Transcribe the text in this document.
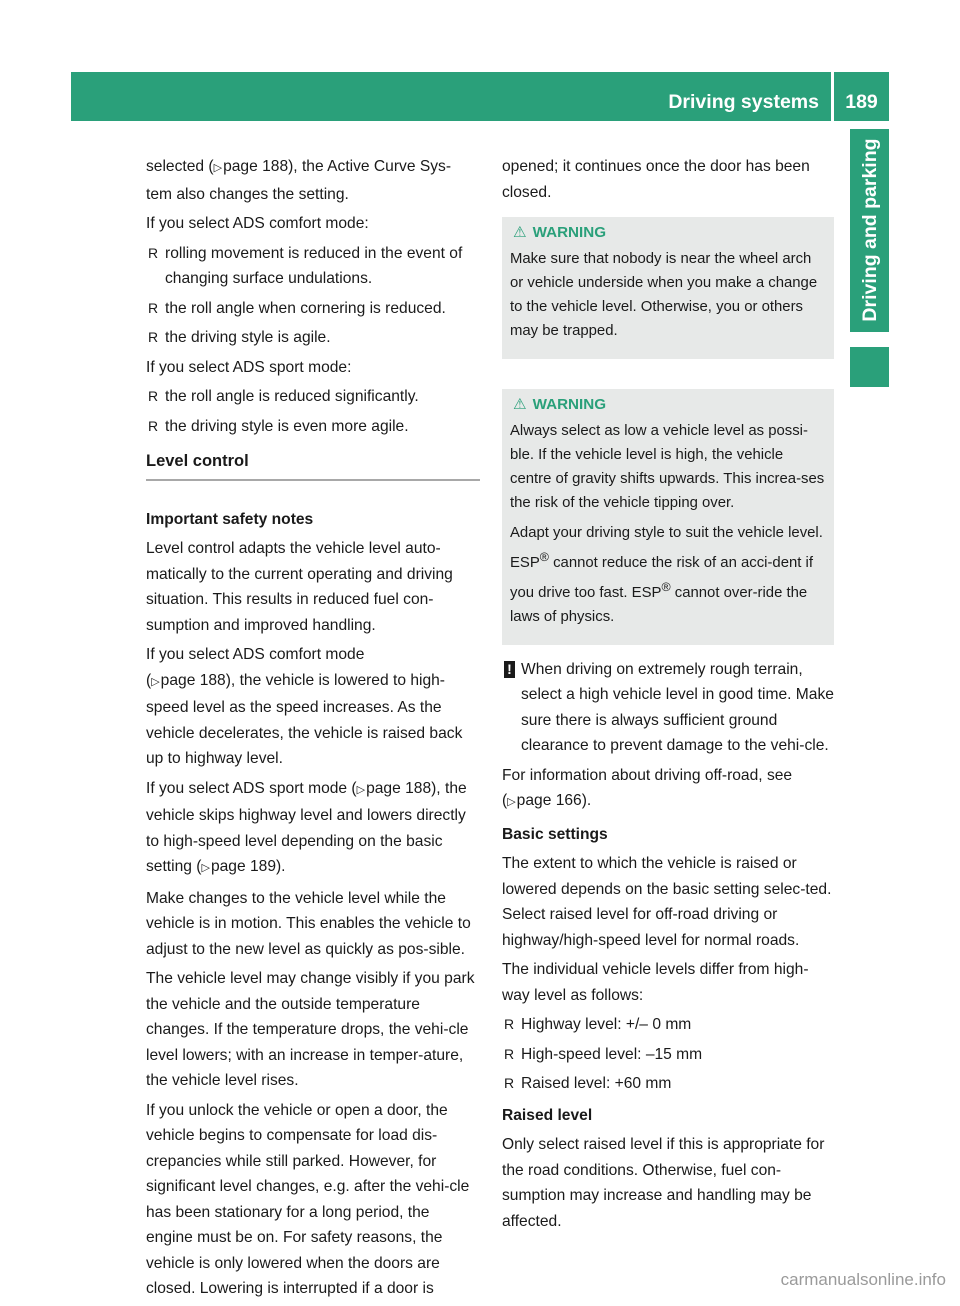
Driving systems	189
Driving and parking

selected ( ▷ page 188), the Active Curve Sys- tem also changes the setting.

If you select ADS comfort mode:

R rolling movement is reduced in the event of changing surface undulations.
R the roll angle when cornering is reduced.
R the driving style is agile.

If you select ADS sport mode:

R the roll angle is reduced significantly.
R the driving style is even more agile.
Level control
Important safety notes

Level control adapts the vehicle level auto-matically to the current operating and driving situation. This results in reduced fuel con-sumption and improved handling.

If you select ADS comfort mode
( ▷ page 188), the vehicle is lowered to high-speed level as the speed increases. As the vehicle decelerates, the vehicle is raised back up to highway level.

If you select ADS sport mode ( ▷ page 188), the vehicle skips highway level and lowers directly to high-speed level depending on the basic setting ( ▷ page 189).

Make changes to the vehicle level while the vehicle is in motion. This enables the vehicle to adjust to the new level as quickly as pos-sible.

The vehicle level may change visibly if you park the vehicle and the outside temperature changes. If the temperature drops, the vehi-cle level lowers; with an increase in temper-ature, the vehicle level rises.

If you unlock the vehicle or open a door, the vehicle begins to compensate for load dis-crepancies while still parked. However, for significant level changes, e.g. after the vehi-cle has been stationary for a long period, the engine must be on. For safety reasons, the vehicle is only lowered when the doors are closed. Lowering is interrupted if a door is

opened; it continues once the door has been closed.

⚠ WARNING

Make sure that nobody is near the wheel arch or vehicle underside when you make a change to the vehicle level. Otherwise, you or others may be trapped.

⚠ WARNING

Always select as low a vehicle level as possi-ble. If the vehicle level is high, the vehicle centre of gravity shifts upwards. This increa-ses the risk of the vehicle tipping over.

Adapt your driving style to suit the vehicle level. ESP® cannot reduce the risk of an acci-dent if you drive too fast. ESP® cannot over-ride the laws of physics.

! When driving on extremely rough terrain, select a high vehicle level in good time. Make sure there is always sufficient ground clearance to prevent damage to the vehi-cle.

For information about driving off-road, see
( ▷ page 166).

Basic settings

The extent to which the vehicle is raised or lowered depends on the basic setting selec-ted. Select raised level for off-road driving or highway/high-speed level for normal roads.

The individual vehicle levels differ from high-way level as follows:

R Highway level: +/– 0 mm
R High-speed level: –15 mm
R Raised level: +60 mm
Raised level

Only select raised level if this is appropriate for the road conditions. Otherwise, fuel con-sumption may increase and handling may be affected.

carmanualsonline.info
